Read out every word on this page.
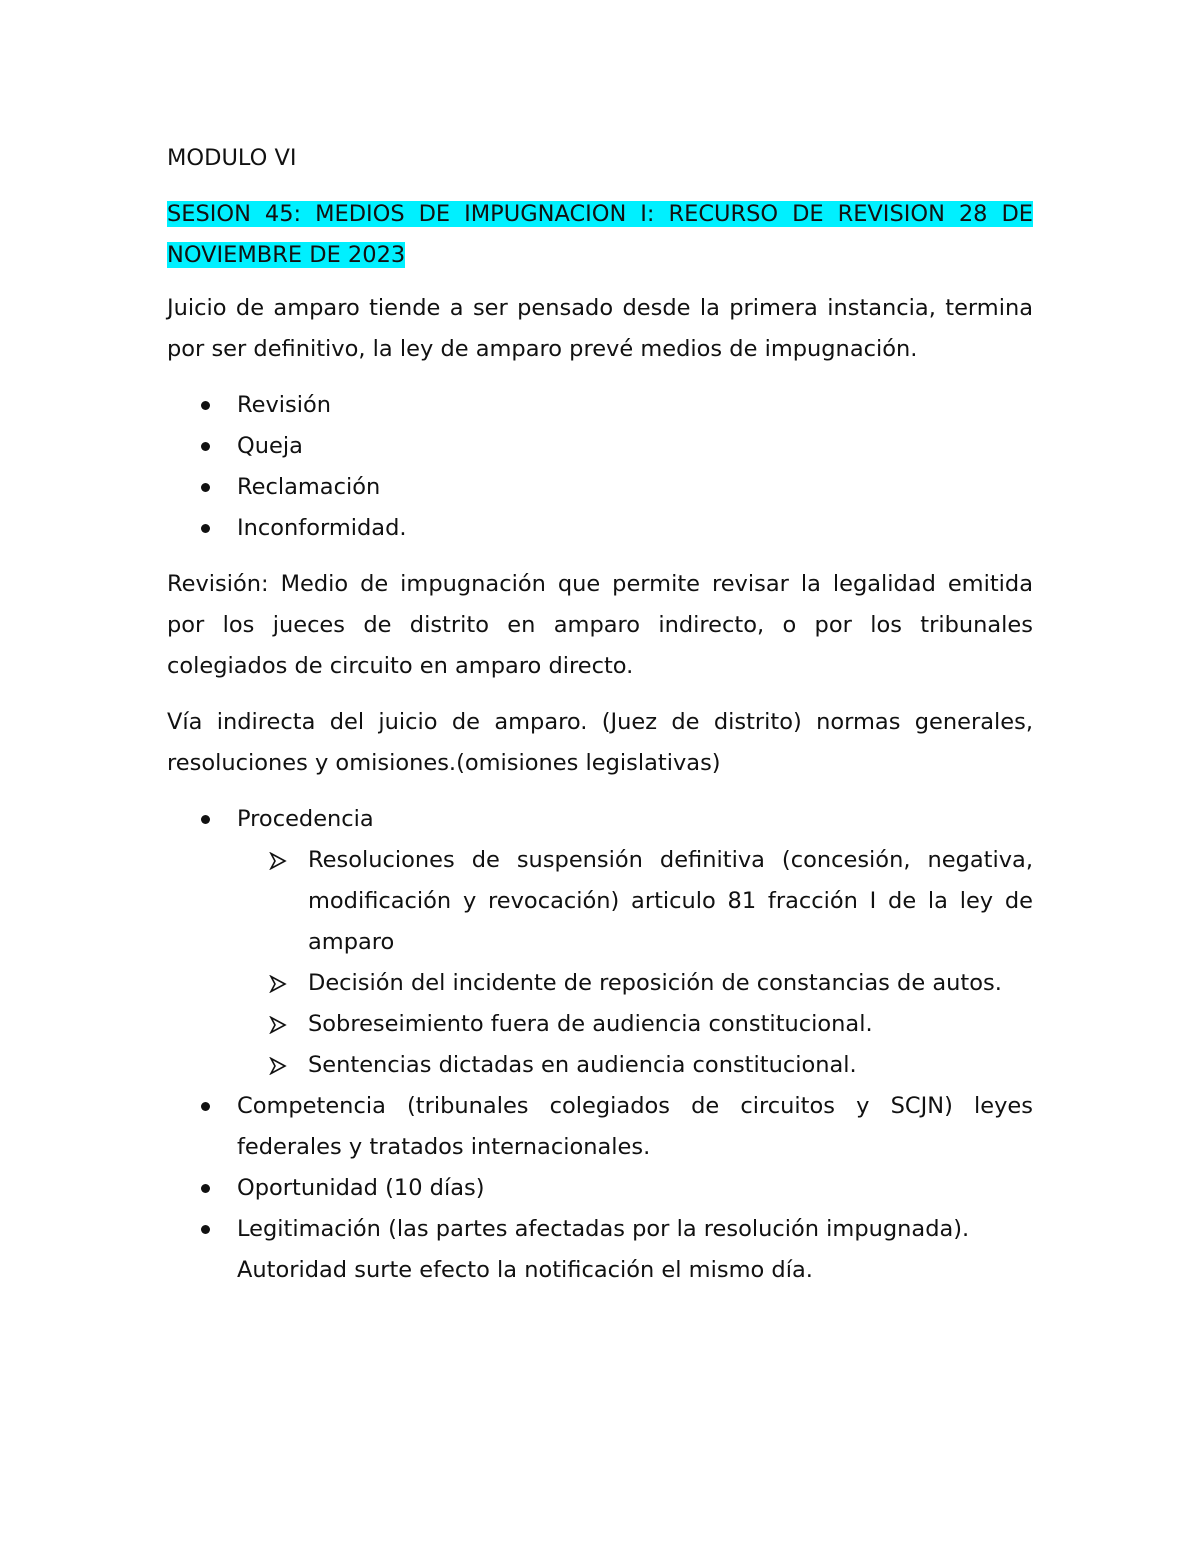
MODULO VI

SESION 45: MEDIOS DE IMPUGNACION I: RECURSO DE REVISION 28 DE NOVIEMBRE DE 2023

Juicio de amparo tiende a ser pensado desde la primera instancia, termina por ser definitivo, la ley de amparo prevé medios de impugnación.

Revisión
Queja
Reclamación
Inconformidad.

Revisión: Medio de impugnación que permite revisar la legalidad emitida por los jueces de distrito en amparo indirecto, o por los tribunales colegiados de circuito en amparo directo.

Vía indirecta del juicio de amparo. (Juez de distrito) normas generales, resoluciones y omisiones.(omisiones legislativas)

Procedencia
Resoluciones de suspensión definitiva (concesión, negativa, modificación y revocación) articulo 81 fracción I de la ley de amparo
Decisión del incidente de reposición de constancias de autos.
Sobreseimiento fuera de audiencia constitucional.
Sentencias dictadas en audiencia constitucional.
Competencia (tribunales colegiados de circuitos y SCJN) leyes federales y tratados internacionales.
Oportunidad (10 días)
Legitimación (las partes afectadas por la resolución impugnada).
Autoridad surte efecto la notificación el mismo día.
